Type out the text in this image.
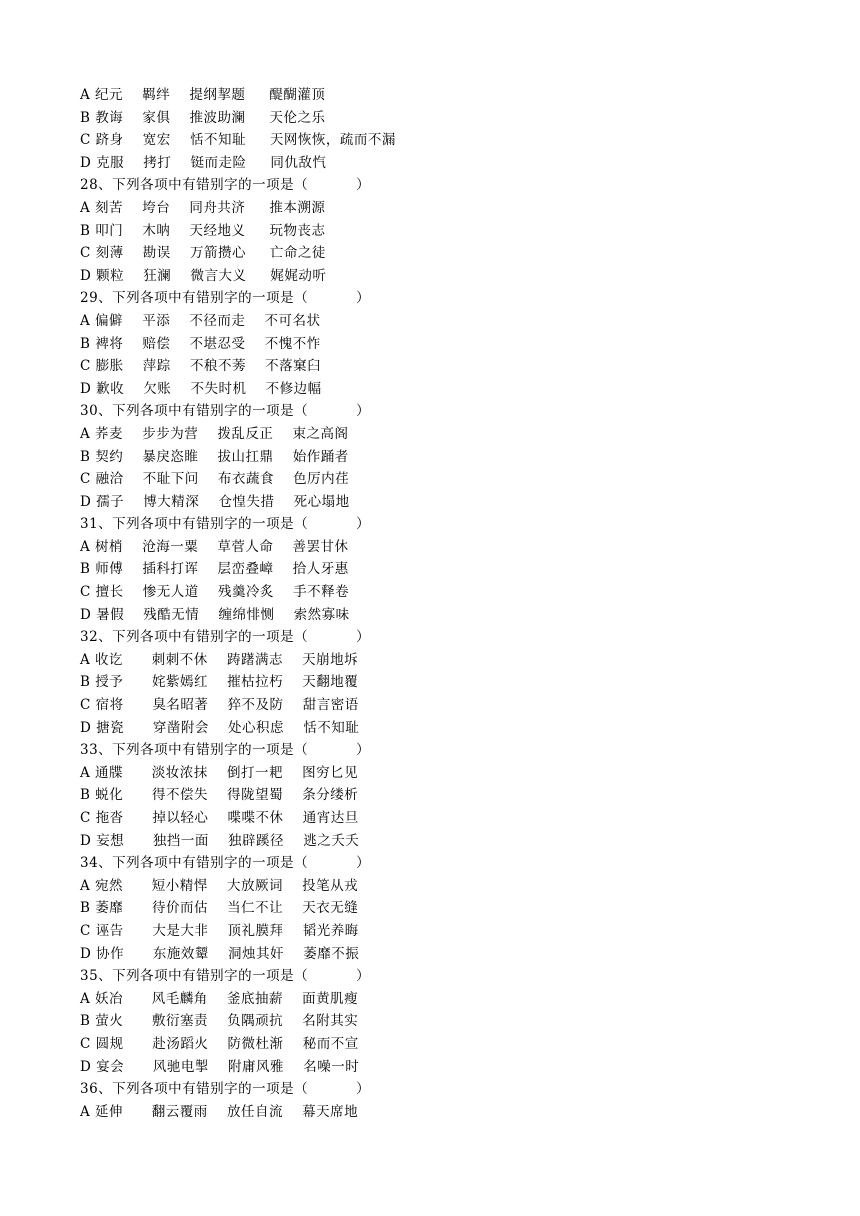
A 纪元    羁绊    提纲挈题     醍醐灌顶
B 教诲    家俱    推波助澜     天伦之乐
C 跻身    宽宏    恬不知耻     天网恢恢，疏而不漏
D 克服    拷打    铤而走险     同仇敌忾
28、下列各项中有错别字的一项是（          ）
A 刻苦    垮台    同舟共济     推本溯源
B 叩门    木呐    天经地义     玩物丧志
C 刻薄    勘误    万箭攒心     亡命之徒
D 颗粒    狂澜    微言大义     娓娓动听
29、下列各项中有错别字的一项是（          ）
A 偏僻    平添    不径而走    不可名状
B 裨将    赔偿    不堪忍受    不愧不怍
C 膨胀    萍踪    不稂不莠    不落窠臼
D 歉收    欠账    不失时机    不修边幅
30、下列各项中有错别字的一项是（          ）
A 荞麦    步步为营    拨乱反正    束之高阁
B 契约    暴戾恣睢    拔山扛鼎    始作踊者
C 融洽    不耻下问    布衣蔬食    色厉内荏
D 孺子    博大精深    仓惶失措    死心塌地
31、下列各项中有错别字的一项是（          ）
A 树梢    沧海一粟    草菅人命    善罢甘休
B 师傅    插科打诨    层峦叠嶂    拾人牙惠
C 擅长    惨无人道    残羹冷炙    手不释卷
D 暑假    残酷无情    缠绵悱恻    索然寡味
32、下列各项中有错别字的一项是（          ）
A 收讫      刺刺不休    踌躇满志    天崩地坼
B 授予      姹紫嫣红    摧枯拉朽    天翻地覆
C 宿将      臭名昭著    猝不及防    甜言密语
D 搪瓷      穿凿附会    处心积虑    恬不知耻
33、下列各项中有错别字的一项是（          ）
A 通牒      淡妆浓抹    倒打一耙    图穷匕见
B 蜕化      得不偿失    得陇望蜀    条分缕析
C 拖沓      掉以轻心    喋喋不休    通宵达旦
D 妄想      独挡一面    独辟蹊径    逃之夭夭
34、下列各项中有错别字的一项是（          ）
A 宛然      短小精悍    大放厥词    投笔从戎
B 萎靡      待价而估    当仁不让    天衣无缝
C 诬告      大是大非    顶礼膜拜    韬光养晦
D 协作      东施效颦    洞烛其奸    萎靡不振
35、下列各项中有错别字的一项是（          ）
A 妖冶      风毛麟角    釜底抽薪    面黄肌瘦
B 萤火      敷衍塞责    负隅顽抗    名附其实
C 圆规      赴汤蹈火    防微杜渐    秘而不宣
D 宴会      风驰电掣    附庸风雅    名噪一时
36、下列各项中有错别字的一项是（          ）
A 延伸      翻云覆雨    放任自流    幕天席地
